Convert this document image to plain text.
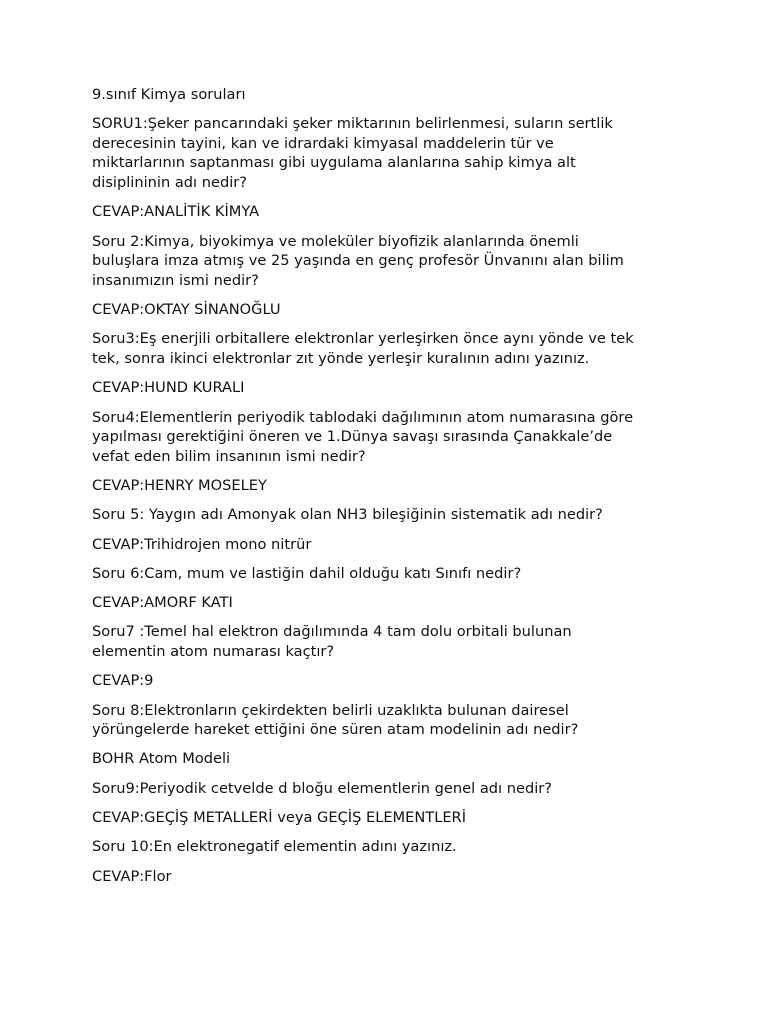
9.sınıf Kimya soruları

SORU1:Şeker pancarındaki şeker miktarının belirlenmesi, suların sertlik
derecesinin tayini, kan ve idrardaki kimyasal maddelerin tür ve
miktarlarının saptanması gibi uygulama alanlarına sahip kimya alt
disiplininin adı nedir?

CEVAP:ANALİTİK KİMYA

Soru 2:Kimya, biyokimya ve moleküler biyofizik alanlarında önemli
buluşlara imza atmış ve 25 yaşında en genç profesör Ünvanını alan bilim
insanımızın ismi nedir?

CEVAP:OKTAY SİNANOĞLU

Soru3:Eş enerjili orbitallere elektronlar yerleşirken önce aynı yönde ve tek
tek, sonra ikinci elektronlar zıt yönde yerleşir kuralının adını yazınız.

CEVAP:HUND KURALI

Soru4:Elementlerin periyodik tablodaki dağılımının atom numarasına göre
yapılması gerektiğini öneren ve 1.Dünya savaşı sırasında Çanakkale’de
vefat eden bilim insanının ismi nedir?

CEVAP:HENRY MOSELEY

Soru 5: Yaygın adı Amonyak olan NH3 bileşiğinin sistematik adı nedir?

CEVAP:Trihidrojen mono nitrür

Soru 6:Cam, mum ve lastiğin dahil olduğu katı Sınıfı nedir?

CEVAP:AMORF KATI

Soru7 :Temel hal elektron dağılımında 4 tam dolu orbitali bulunan
elementin atom numarası kaçtır?

CEVAP:9

Soru 8:Elektronların çekirdekten belirli uzaklıkta bulunan dairesel
yörüngelerde hareket ettiğini öne süren atam modelinin adı nedir?

BOHR Atom Modeli

Soru9:Periyodik cetvelde d bloğu elementlerin genel adı nedir?

CEVAP:GEÇİŞ METALLERİ veya GEÇİŞ ELEMENTLERİ

Soru 10:En elektronegatif elementin adını yazınız.

CEVAP:Flor
